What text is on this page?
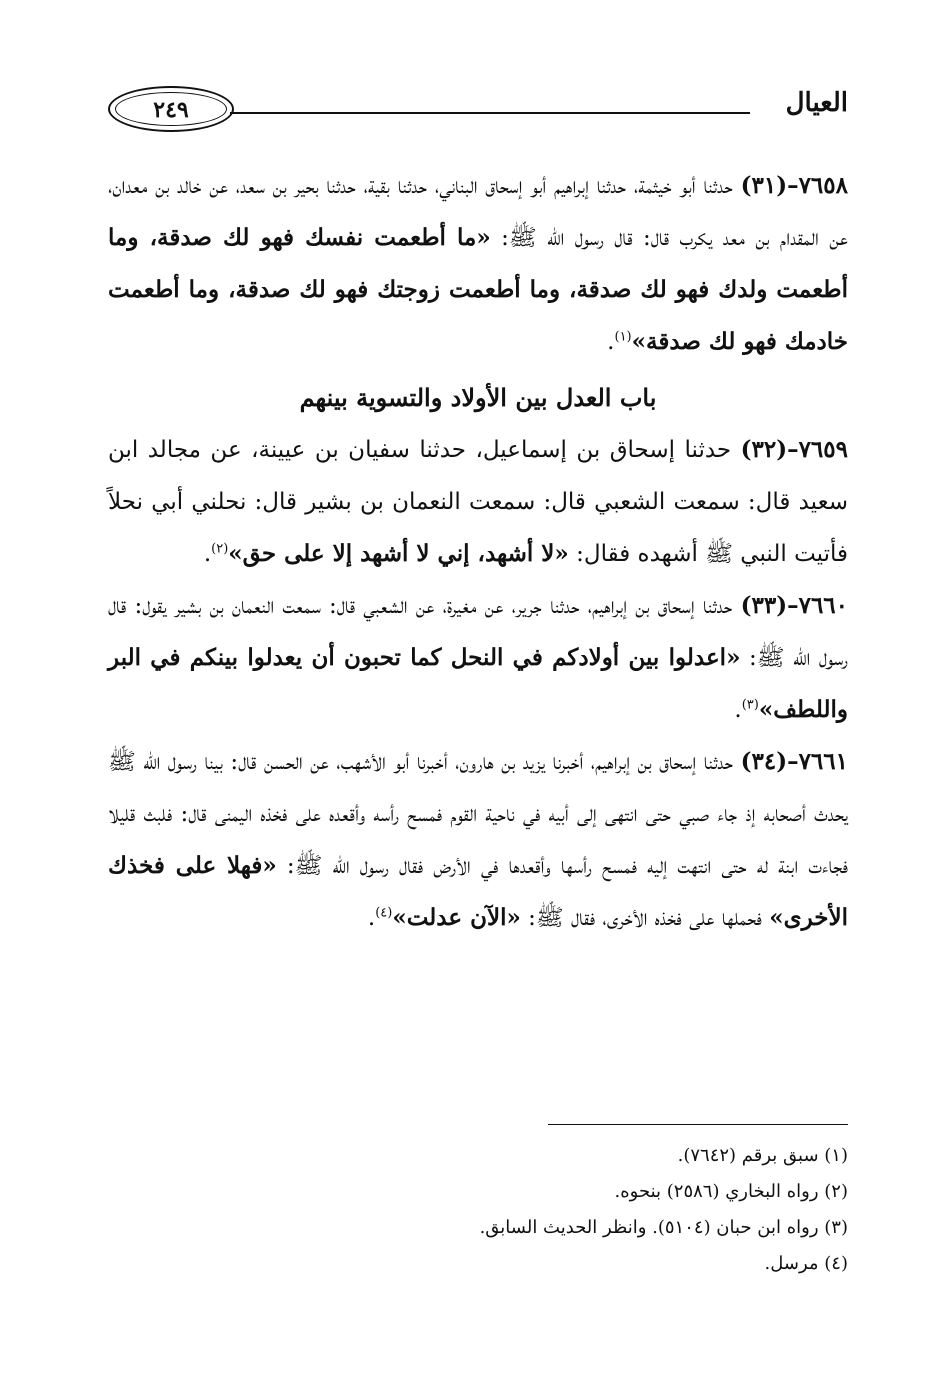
٢٤٩	العيال

٧٦٥٨–(٣١) حدثنا أبو خيثمة، حدثنا إبراهيم أبو إسحاق البناني، حدثنا بقية، حدثنا بحير بن سعد، عن خالد بن معدان، عن المقدام بن معد يكرب قال: قال رسول الله ﷺ: «ما أطعمت نفسك فهو لك صدقة، وما أطعمت ولدك فهو لك صدقة، وما أطعمت زوجتك فهو لك صدقة، وما أطعمت خادمك فهو لك صدقة»$^{(١)}$.

باب العدل بين الأولاد والتسوية بينهم

٧٦٥٩–(٣٢) حدثنا إسحاق بن إسماعيل، حدثنا سفيان بن عيينة، عن مجالد ابن سعيد قال: سمعت الشعبي قال: سمعت النعمان بن بشير قال: نحلني أبي نحلاً فأتيت النبي ﷺ أشهده فقال: «لا أشهد، إني لا أشهد إلا على حق»$^{(٢)}$.

٧٦٦٠–(٣٣) حدثنا إسحاق بن إبراهيم، حدثنا جرير، عن مغيرة، عن الشعبي قال: سمعت النعمان بن بشير يقول: قال رسول الله ﷺ: «اعدلوا بين أولادكم في النحل كما تحبون أن يعدلوا بينكم في البر واللطف»$^{(٣)}$.

٧٦٦١–(٣٤) حدثنا إسحاق بن إبراهيم، أخبرنا يزيد بن هارون، أخبرنا أبو الأشهب، عن الحسن قال: بينا رسول الله ﷺ يحدث أصحابه إذ جاء صبي حتى انتهى إلى أبيه في ناحية القوم فمسح رأسه وأقعده على فخذه اليمنى قال: فلبث قليلا فجاءت ابنة له حتى انتهت إليه فمسح رأسها وأقعدها في الأرض فقال رسول الله ﷺ: «فهلا على فخذك الأخرى» فحملها على فخذه الأخرى، فقال ﷺ: «الآن عدلت»$^{(٤)}$.

(١) سبق برقم (٧٦٤٢).
(٢) رواه البخاري (٢٥٨٦) بنحوه.
(٣) رواه ابن حبان (٥١٠٤). وانظر الحديث السابق.
(٤) مرسل.
